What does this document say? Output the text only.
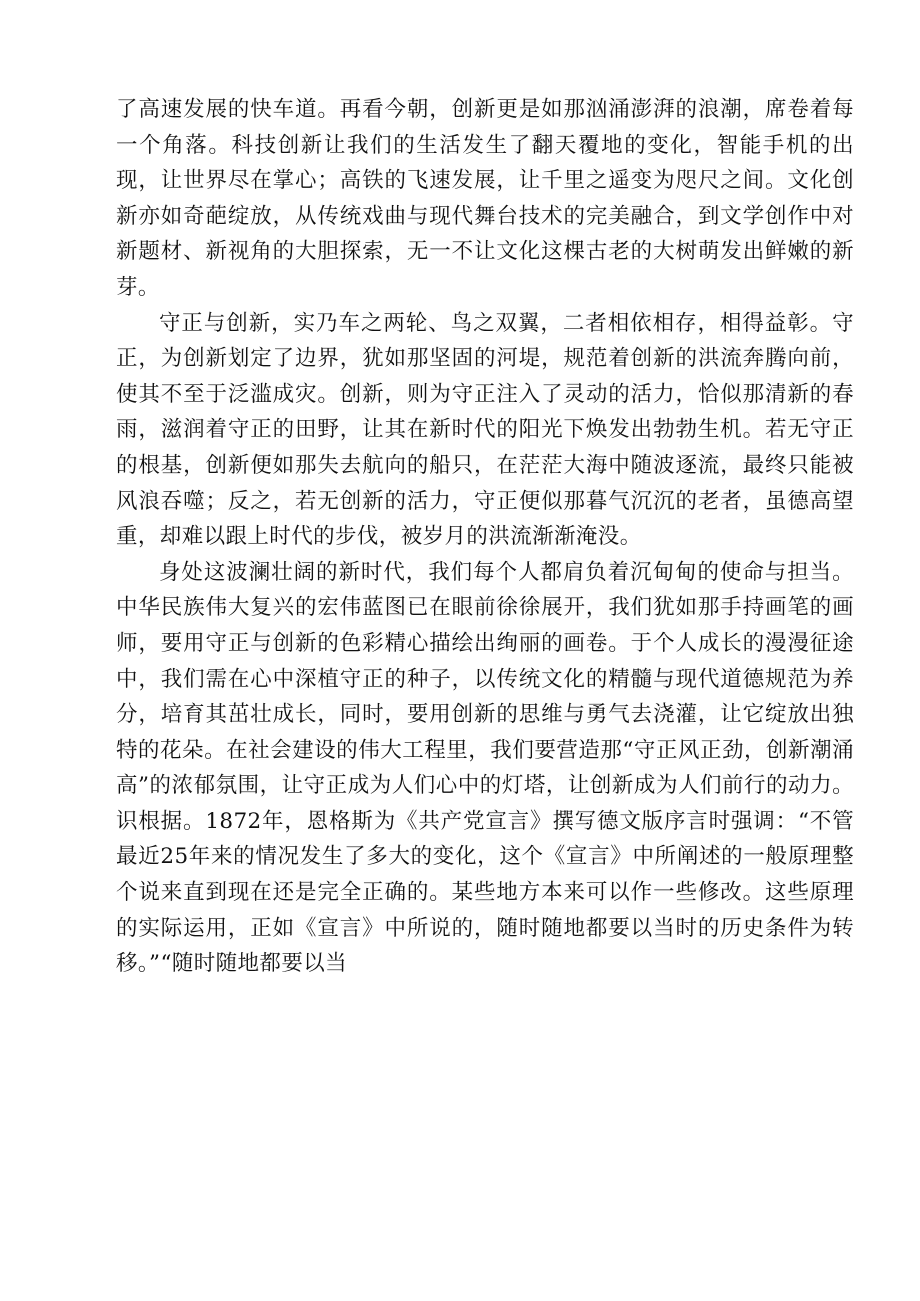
了高速发展的快车道。再看今朝，创新更是如那汹涌澎湃的浪潮，席卷着每一个角落。科技创新让我们的生活发生了翻天覆地的变化，智能手机的出现，让世界尽在掌心；高铁的飞速发展，让千里之遥变为咫尺之间。文化创新亦如奇葩绽放，从传统戏曲与现代舞台技术的完美融合，到文学创作中对新题材、新视角的大胆探索，无一不让文化这棵古老的大树萌发出鲜嫩的新芽。

守正与创新，实乃车之两轮、鸟之双翼，二者相依相存，相得益彰。守正，为创新划定了边界，犹如那坚固的河堤，规范着创新的洪流奔腾向前，使其不至于泛滥成灾。创新，则为守正注入了灵动的活力，恰似那清新的春雨，滋润着守正的田野，让其在新时代的阳光下焕发出勃勃生机。若无守正的根基，创新便如那失去航向的船只，在茫茫大海中随波逐流，最终只能被风浪吞噬；反之，若无创新的活力，守正便似那暮气沉沉的老者，虽德高望重，却难以跟上时代的步伐，被岁月的洪流渐渐淹没。

身处这波澜壮阔的新时代，我们每个人都肩负着沉甸甸的使命与担当。中华民族伟大复兴的宏伟蓝图已在眼前徐徐展开，我们犹如那手持画笔的画师，要用守正与创新的色彩精心描绘出绚丽的画卷。于个人成长的漫漫征途中，我们需在心中深植守正的种子，以传统文化的精髓与现代道德规范为养分，培育其茁壮成长，同时，要用创新的思维与勇气去浇灌，让它绽放出独特的花朵。在社会建设的伟大工程里，我们要营造那“守正风正劲，创新潮涌高”的浓郁氛围，让守正成为人们心中的灯塔，让创新成为人们前行的动力。识根据。1872年，恩格斯为《共产党宣言》撰写德文版序言时强调：“不管最近25年来的情况发生了多大的变化，这个《宣言》中所阐述的一般原理整个说来直到现在还是完全正确的。某些地方本来可以作一些修改。这些原理的实际运用，正如《宣言》中所说的，随时随地都要以当时的历史条件为转移。”“随时随地都要以当
